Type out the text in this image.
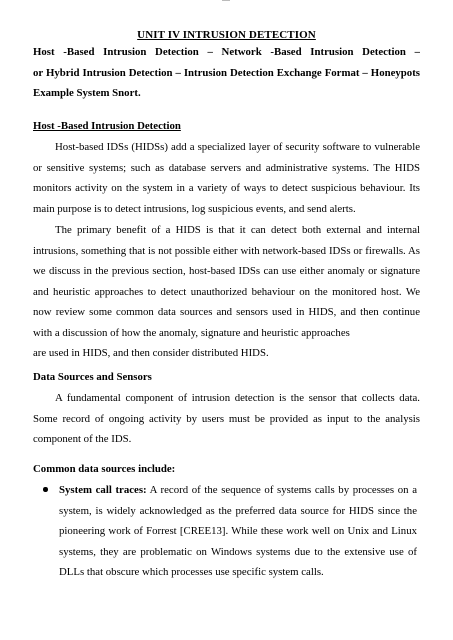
UNIT IV INTRUSION DETECTION
Host -Based Intrusion Detection – Network -Based Intrusion Detection –
or Hybrid Intrusion Detection – Intrusion Detection Exchange Format – Honeypots
Example System Snort.
Host -Based Intrusion Detection
Host-based IDSs (HIDSs) add a specialized layer of security software to vulnerable
or sensitive systems; such as database servers and administrative systems. The HIDS
monitors activity on the system in a variety of ways to detect suspicious behaviour. Its
main purpose is to detect intrusions, log suspicious events, and send alerts.
The primary benefit of a HIDS is that it can detect both external and internal
intrusions, something that is not possible either with network-based IDSs or firewalls. As
we discuss in the previous section, host-based IDSs can use either anomaly or signature
and heuristic approaches to detect unauthorized behaviour on the monitored host. We
now review some common data sources and sensors used in HIDS, and then continue
with a discussion of how the anomaly, signature and heuristic approaches
are used in HIDS, and then consider distributed HIDS.
Data Sources and Sensors
A fundamental component of intrusion detection is the sensor that collects data.
Some record of ongoing activity by users must be provided as input to the analysis
component of the IDS.
Common data sources include:
System call traces: A record of the sequence of systems calls by processes on a
system, is widely acknowledged as the preferred data source for HIDS since the
pioneering work of Forrest [CREE13]. While these work well on Unix and Linux
systems, they are problematic on Windows systems due to the extensive use of
DLLs that obscure which processes use specific system calls.
